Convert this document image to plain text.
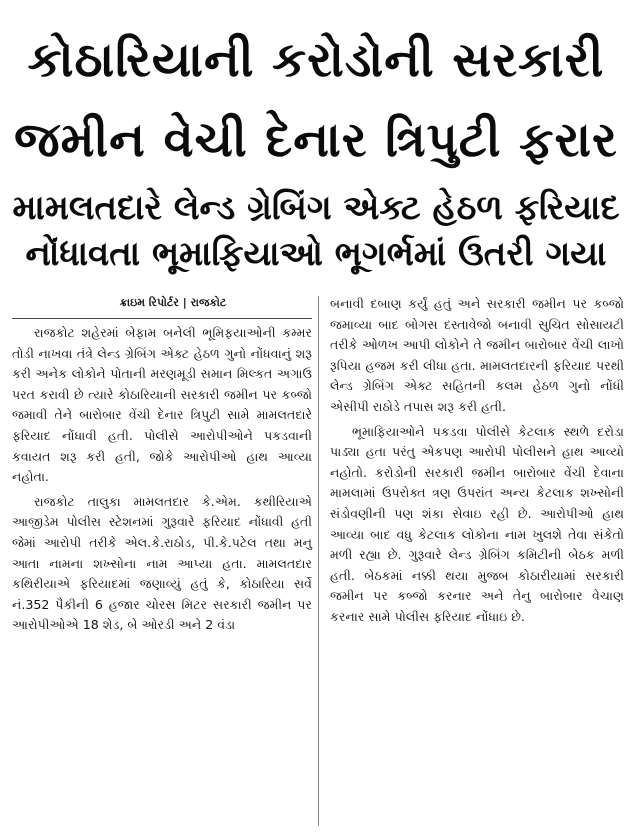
કોઠારિયાની કરોડોની સરકારી
જમીન વેચી દેનાર ત્રિપુટી ફરાર
મામલતદારે લેન્ડ ગ્રેબિંગ એક્ટ હેઠળ ફરિયાદ
નોંધાવતા ભૂમાફિયાઓ ભૂગર્ભમાં ઉતરી ગયા

ક્રાઇમ રિપોર્ટર | રાજકોટ

રાજકોટ શહેરમાં બેફામ બનેલી ભૂમિફયાઓની કમ્મર તોડી નાખવા તંત્રે લેન્ડ ગ્રેબિંગ એક્ટ હેઠળ ગુનો નોંધવાનું શરૂ કરી અનેક લોકોને પોતાની મરણમૂડી સમાન મિલ્કત અગાઉ પરત કરાવી છે ત્યારે કોઠારિયાની સરકારી જમીન પર કબ્જો જમાવી તેને બારોબાર વેંચી દેનાર ત્રિપુટી સામે મામલતદારે ફરિયાદ નોંધાવી હતી. પોલીસે આરોપીઓને પકડવાની કવાયત શરૂ કરી હતી, જોકે આરોપીઓ હાથ આવ્યા નહોતા.

રાજકોટ તાલુકા મામલતદાર કે.એમ. કથીરિયાએ આજીડેમ પોલીસ સ્ટેશનમાં ગુરૂવારે ફરિયાદ નોંધાવી હતી જેમાં આરોપી તરીકે એલ.કે.રાઠોડ, પી.કે.પટેલ તથા મનુ આતા નામના શખ્સોના નામ આપ્યા હતા. મામલતદાર કથિરીયાએ ફરિયાદમાં જણાવ્યું હતું કે, કોઠારિયા સર્વે નં.352 પૈકીની 6 હજાર ચોરસ મિટર સરકારી જમીન પર આરોપીઓએ 18 શેડ, બે ઓરડી અને 2 વંડા

બનાવી દબાણ કર્યું હતું અને સરકારી જમીન પર કબ્જો જમાવ્યા બાદ બોગસ દસ્તાવેજો બનાવી સુચિત સોસાયટી તરીકે ઓળખ આપી લોકોને તે જમીન બારોબાર વેંચી લાખો રૂપિયા હજમ કરી લીધા હતા. મામલતદારની ફરિયાદ પરથી લેન્ડ ગ્રેબિંગ એક્ટ સહિતની કલમ હેઠળ ગુનો નોંધી એસીપી રાઠોડે તપાસ શરૂ કરી હતી.

ભૂમાફિયાઓને પકડવા પોલીસે કેટલાક સ્થળે દરોડા પાડ્યા હતા પરંતુ એકપણ આરોપી પોલીસને હાથ આવ્યો નહોતો. કરોડોની સરકારી જમીન બારોબાર વેંચી દેવાના મામલામાં ઉપરોક્ત ત્રણ ઉપરાંત અન્ય કેટલાક શખ્સોની સંડોવણીની પણ શંકા સેવાઇ રહી છે. આરોપીઓ હાથ આવ્યા બાદ વધુ કેટલાક લોકોના નામ ખુલશે તેવા સંકેતો મળી રહ્યા છે. ગુરૂવારે લેન્ડ ગ્રેબિંગ કમિટીની બેઠક મળી હતી. બેઠકમાં નક્કી થયા મુજબ કોઠારીયામાં સરકારી જમીન પર કબ્જો કરનાર અને તેનુ બારોબાર વેચાણ કરનાર સામે પોલીસ ફરિયાદ નોંધાઇ છે.
